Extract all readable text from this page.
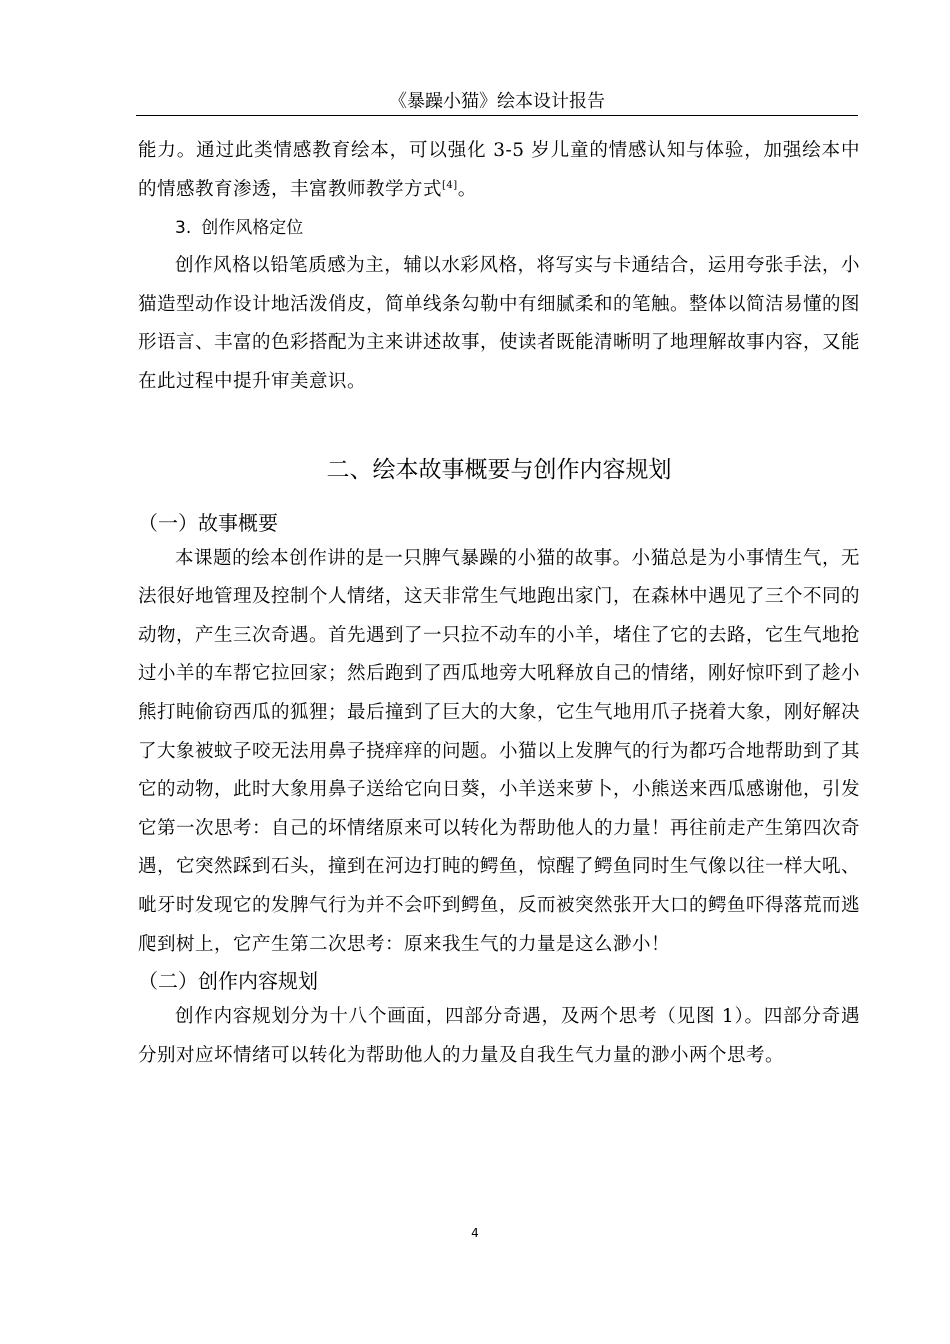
《暴躁小猫》绘本设计报告

能力。通过此类情感教育绘本，可以强化 3-5 岁儿童的情感认知与体验，加强绘本中的情感教育渗透，丰富教师教学方式[4]。

3. 创作风格定位

创作风格以铅笔质感为主，辅以水彩风格，将写实与卡通结合，运用夸张手法，小猫造型动作设计地活泼俏皮，简单线条勾勒中有细腻柔和的笔触。整体以简洁易懂的图形语言、丰富的色彩搭配为主来讲述故事，使读者既能清晰明了地理解故事内容，又能在此过程中提升审美意识。

二、绘本故事概要与创作内容规划
（一）故事概要

本课题的绘本创作讲的是一只脾气暴躁的小猫的故事。小猫总是为小事情生气，无法很好地管理及控制个人情绪，这天非常生气地跑出家门，在森林中遇见了三个不同的动物，产生三次奇遇。首先遇到了一只拉不动车的小羊，堵住了它的去路，它生气地抢过小羊的车帮它拉回家；然后跑到了西瓜地旁大吼释放自己的情绪，刚好惊吓到了趁小熊打盹偷窃西瓜的狐狸；最后撞到了巨大的大象，它生气地用爪子挠着大象，刚好解决了大象被蚊子咬无法用鼻子挠痒痒的问题。小猫以上发脾气的行为都巧合地帮助到了其它的动物，此时大象用鼻子送给它向日葵，小羊送来萝卜，小熊送来西瓜感谢他，引发它第一次思考：自己的坏情绪原来可以转化为帮助他人的力量！再往前走产生第四次奇遇，它突然踩到石头，撞到在河边打盹的鳄鱼，惊醒了鳄鱼同时生气像以往一样大吼、呲牙时发现它的发脾气行为并不会吓到鳄鱼，反而被突然张开大口的鳄鱼吓得落荒而逃爬到树上，它产生第二次思考：原来我生气的力量是这么渺小！

（二）创作内容规划

创作内容规划分为十八个画面，四部分奇遇，及两个思考（见图 1）。四部分奇遇分别对应坏情绪可以转化为帮助他人的力量及自我生气力量的渺小两个思考。

4
